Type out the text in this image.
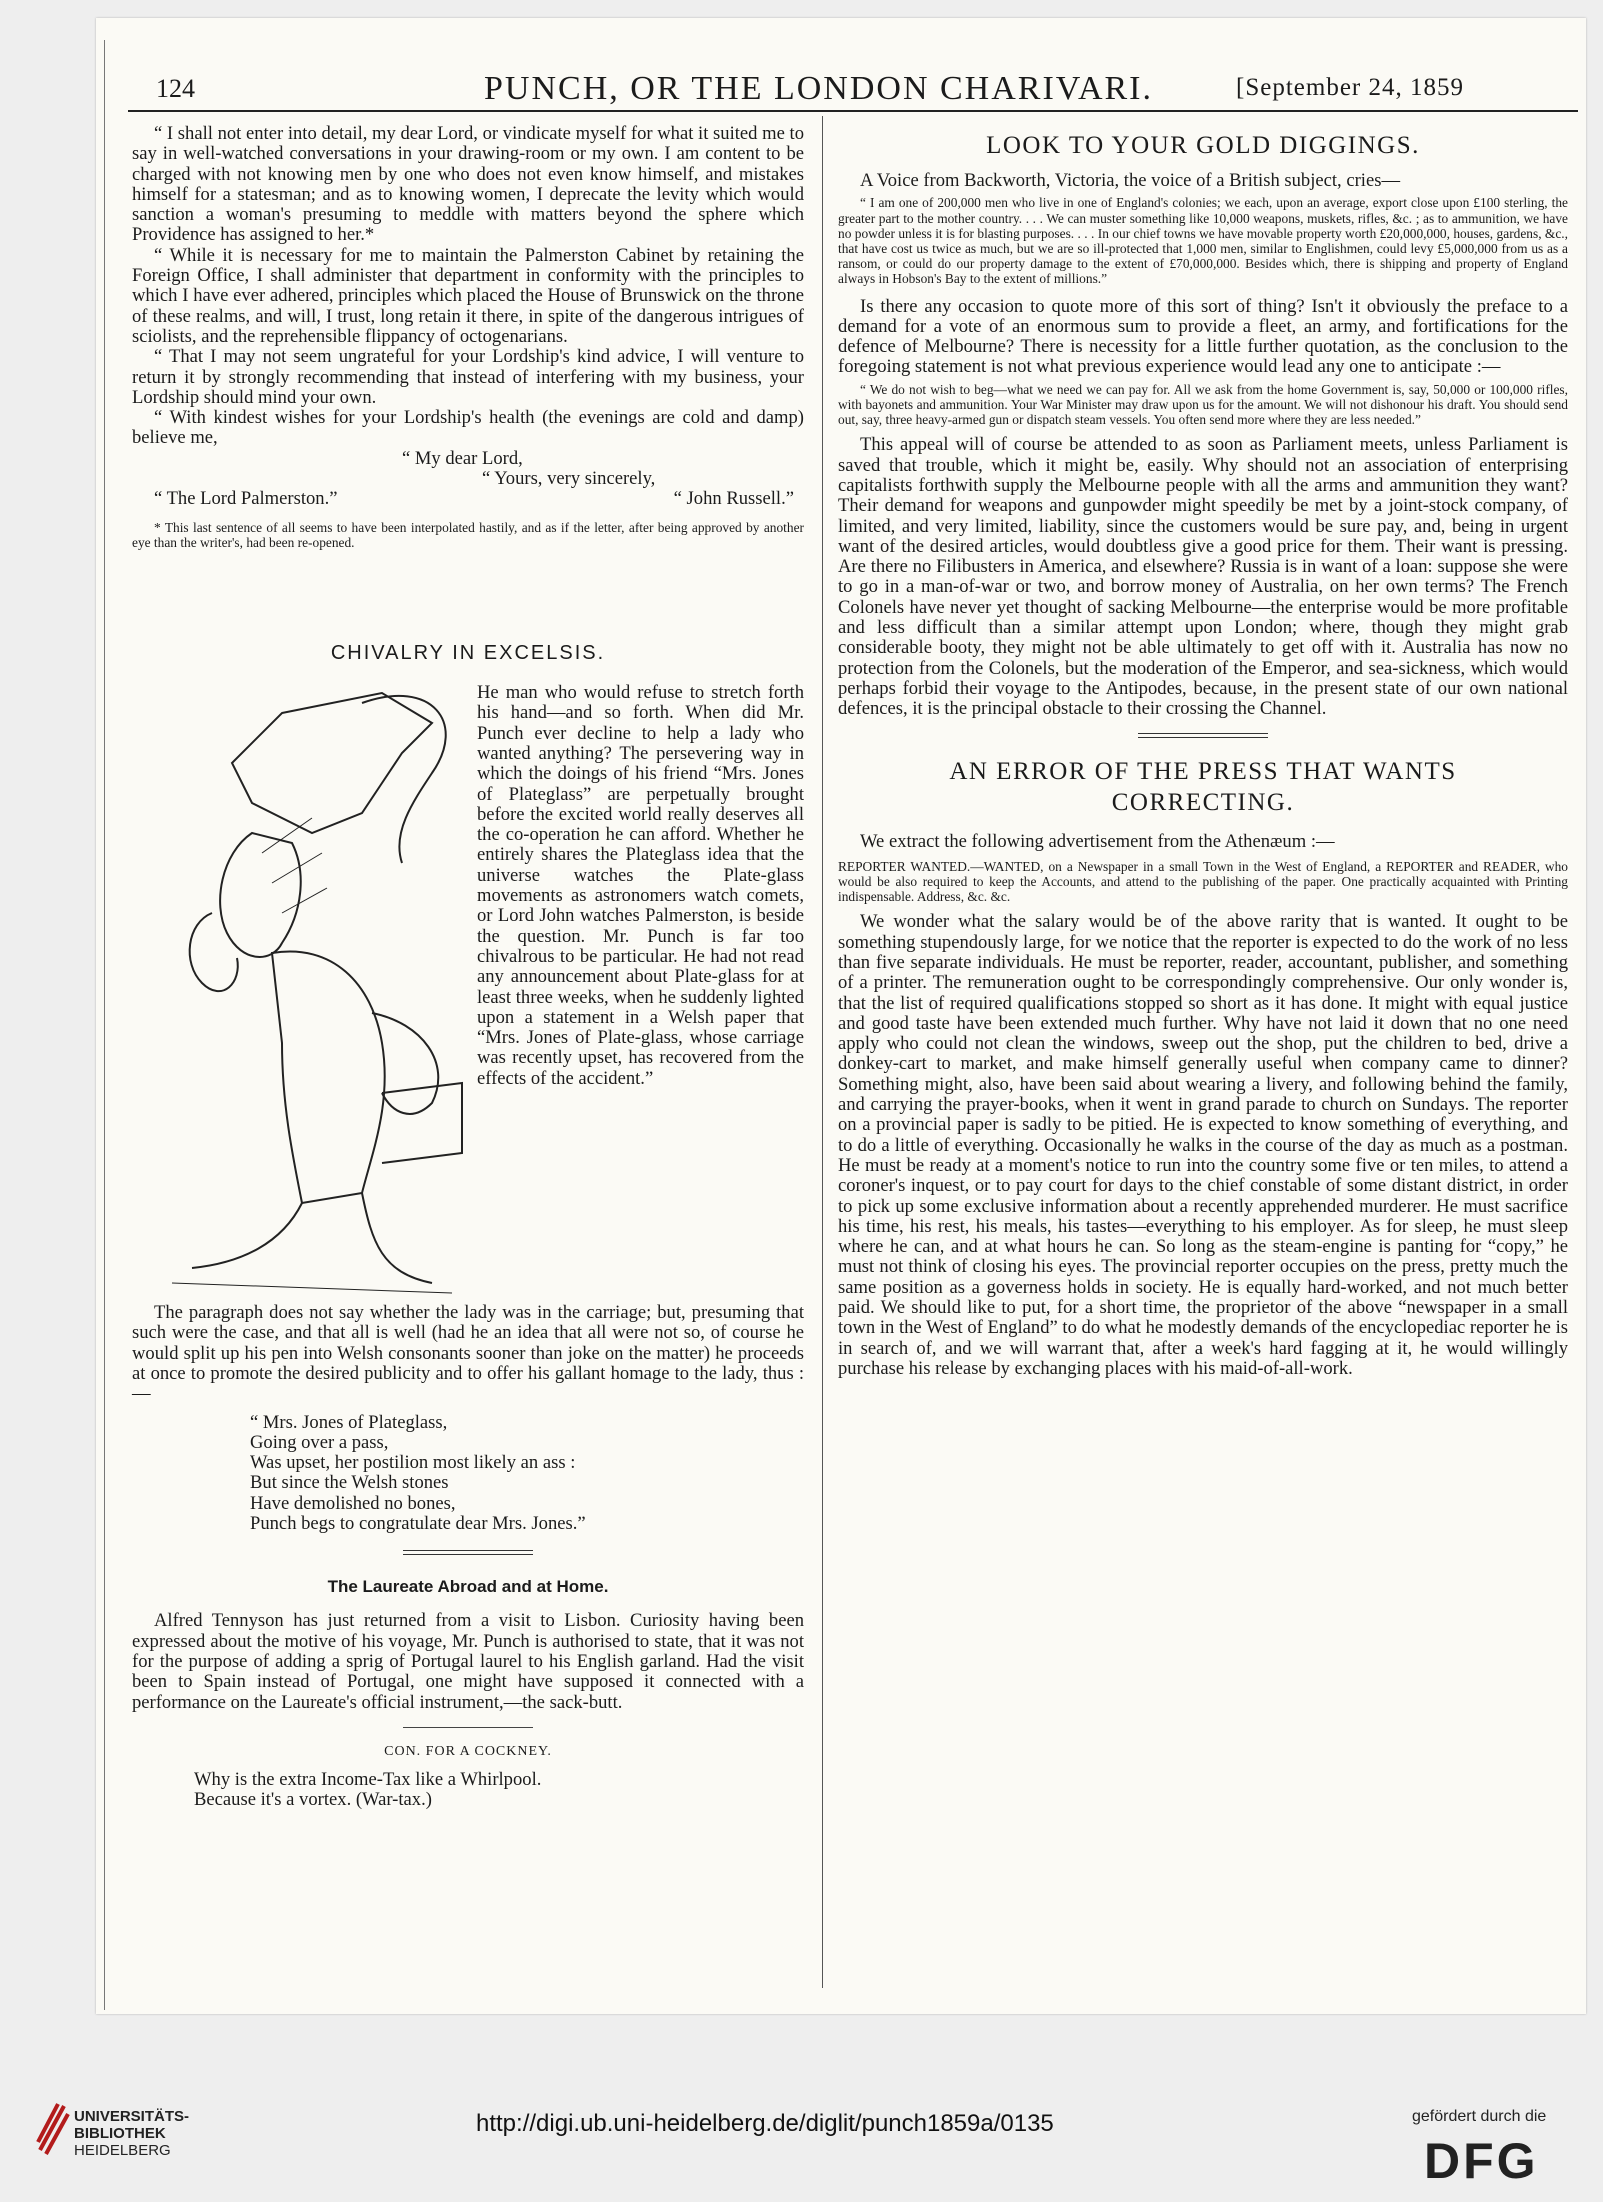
124	PUNCH, OR THE LONDON CHARIVARI.	[September 24, 1859

“ I shall not enter into detail, my dear Lord, or vindicate myself for what it suited me to say in well-watched conversations in your drawing-room or my own. I am content to be charged with not knowing men by one who does not even know himself, and mistakes himself for a statesman; and as to knowing women, I deprecate the levity which would sanction a woman's presuming to meddle with matters beyond the sphere which Providence has assigned to her.*

“ While it is necessary for me to maintain the Palmerston Cabinet by retaining the Foreign Office, I shall administer that department in conformity with the principles to which I have ever adhered, principles which placed the House of Brunswick on the throne of these realms, and will, I trust, long retain it there, in spite of the dangerous intrigues of sciolists, and the reprehensible flippancy of octogenarians.

“ That I may not seem ungrateful for your Lordship's kind advice, I will venture to return it by strongly recommending that instead of interfering with my business, your Lordship should mind your own.

“ With kindest wishes for your Lordship's health (the evenings are cold and damp) believe me,

“ My dear Lord,

“ Yours, very sincerely,

“ The Lord Palmerston.”	“ John Russell.”

* This last sentence of all seems to have been interpolated hastily, and as if the letter, after being approved by another eye than the writer's, had been re-opened.

CHIVALRY IN EXCELSIS.

He man who would refuse to stretch forth his hand—and so forth. When did Mr. Punch ever decline to help a lady who wanted anything? The persevering way in which the doings of his friend “Mrs. Jones of Plateglass” are perpetually brought before the excited world really deserves all the co-operation he can afford. Whether he entirely shares the Plateglass idea that the universe watches the Plate-glass movements as astronomers watch comets, or Lord John watches Palmerston, is beside the question. Mr. Punch is far too chivalrous to be particular. He had not read any announcement about Plate-glass for at least three weeks, when he suddenly lighted upon a statement in a Welsh paper that “Mrs. Jones of Plate-glass, whose carriage was recently upset, has recovered from the effects of the accident.”

The paragraph does not say whether the lady was in the carriage; but, presuming that such were the case, and that all is well (had he an idea that all were not so, of course he would split up his pen into Welsh consonants sooner than joke on the matter) he proceeds at once to promote the desired publicity and to offer his gallant homage to the lady, thus :—

“ Mrs. Jones of Plateglass,

Going over a pass,

Was upset, her postilion most likely an ass :

But since the Welsh stones

Have demolished no bones,

Punch begs to congratulate dear Mrs. Jones.”

The Laureate Abroad and at Home.

Alfred Tennyson has just returned from a visit to Lisbon. Curiosity having been expressed about the motive of his voyage, Mr. Punch is authorised to state, that it was not for the purpose of adding a sprig of Portugal laurel to his English garland. Had the visit been to Spain instead of Portugal, one might have supposed it connected with a performance on the Laureate's official instrument,—the sack-butt.

CON. FOR A COCKNEY.

Why is the extra Income-Tax like a Whirlpool.

Because it's a vortex. (War-tax.)

LOOK TO YOUR GOLD DIGGINGS.

A Voice from Backworth, Victoria, the voice of a British subject, cries—

“ I am one of 200,000 men who live in one of England's colonies; we each, upon an average, export close upon £100 sterling, the greater part to the mother country. . . . We can muster something like 10,000 weapons, muskets, rifles, &c. ; as to ammunition, we have no powder unless it is for blasting purposes. . . . In our chief towns we have movable property worth £20,000,000, houses, gardens, &c., that have cost us twice as much, but we are so ill-protected that 1,000 men, similar to Englishmen, could levy £5,000,000 from us as a ransom, or could do our property damage to the extent of £70,000,000. Besides which, there is shipping and property of England always in Hobson's Bay to the extent of millions.”

Is there any occasion to quote more of this sort of thing? Isn't it obviously the preface to a demand for a vote of an enormous sum to provide a fleet, an army, and fortifications for the defence of Melbourne? There is necessity for a little further quotation, as the conclusion to the foregoing statement is not what previous experience would lead any one to anticipate :—

“ We do not wish to beg—what we need we can pay for. All we ask from the home Government is, say, 50,000 or 100,000 rifles, with bayonets and ammunition. Your War Minister may draw upon us for the amount. We will not dishonour his draft. You should send out, say, three heavy-armed gun or dispatch steam vessels. You often send more where they are less needed.”

This appeal will of course be attended to as soon as Parliament meets, unless Parliament is saved that trouble, which it might be, easily. Why should not an association of enterprising capitalists forthwith supply the Melbourne people with all the arms and ammunition they want? Their demand for weapons and gunpowder might speedily be met by a joint-stock company, of limited, and very limited, liability, since the customers would be sure pay, and, being in urgent want of the desired articles, would doubtless give a good price for them. Their want is pressing. Are there no Filibusters in America, and elsewhere? Russia is in want of a loan: suppose she were to go in a man-of-war or two, and borrow money of Australia, on her own terms? The French Colonels have never yet thought of sacking Melbourne—the enterprise would be more profitable and less difficult than a similar attempt upon London; where, though they might grab considerable booty, they might not be able ultimately to get off with it. Australia has now no protection from the Colonels, but the moderation of the Emperor, and sea-sickness, which would perhaps forbid their voyage to the Antipodes, because, in the present state of our own national defences, it is the principal obstacle to their crossing the Channel.

AN ERROR OF THE PRESS THAT WANTS
CORRECTING.

We extract the following advertisement from the Athenæum :—

REPORTER WANTED.—WANTED, on a Newspaper in a small Town in the West of England, a REPORTER and READER, who would be also required to keep the Accounts, and attend to the publishing of the paper. One practically acquainted with Printing indispensable. Address, &c. &c.

We wonder what the salary would be of the above rarity that is wanted. It ought to be something stupendously large, for we notice that the reporter is expected to do the work of no less than five separate individuals. He must be reporter, reader, accountant, publisher, and something of a printer. The remuneration ought to be correspondingly comprehensive. Our only wonder is, that the list of required qualifications stopped so short as it has done. It might with equal justice and good taste have been extended much further. Why have not laid it down that no one need apply who could not clean the windows, sweep out the shop, put the children to bed, drive a donkey-cart to market, and make himself generally useful when company came to dinner? Something might, also, have been said about wearing a livery, and following behind the family, and carrying the prayer-books, when it went in grand parade to church on Sundays. The reporter on a provincial paper is sadly to be pitied. He is expected to know something of everything, and to do a little of everything. Occasionally he walks in the course of the day as much as a postman. He must be ready at a moment's notice to run into the country some five or ten miles, to attend a coroner's inquest, or to pay court for days to the chief constable of some distant district, in order to pick up some exclusive information about a recently apprehended murderer. He must sacrifice his time, his rest, his meals, his tastes—everything to his employer. As for sleep, he must sleep where he can, and at what hours he can. So long as the steam-engine is panting for “copy,” he must not think of closing his eyes. The provincial reporter occupies on the press, pretty much the same position as a governess holds in society. He is equally hard-worked, and not much better paid. We should like to put, for a short time, the proprietor of the above “newspaper in a small town in the West of England” to do what he modestly demands of the encyclopediac reporter he is in search of, and we will warrant that, after a week's hard fagging at it, he would willingly purchase his release by exchanging places with his maid-of-all-work.

UNIVERSITÄTS-
BIBLIOTHEK
HEIDELBERG
http://digi.ub.uni-heidelberg.de/diglit/punch1859a/0135	gefördert durch die
DFG
